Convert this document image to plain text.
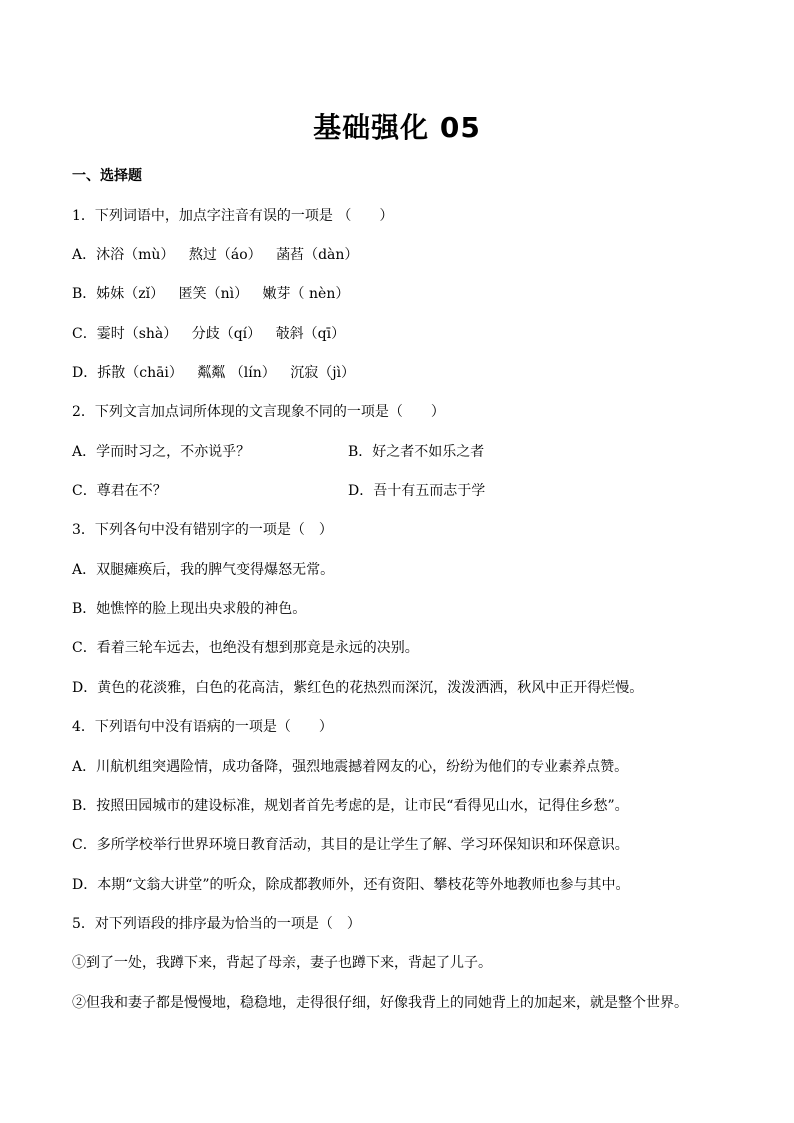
基础强化 05
一、选择题
1．下列词语中，加点字注音有误的一项是 （　　）
A．沐浴（mù） 熬过（áo） 菡萏（dàn）
B．姊妹（zǐ） 匿笑（nì） 嫩芽（ nèn）
C．霎时（shà） 分歧（qí） 攲斜（qī）
D．拆散（chāi） 粼粼 （lín） 沉寂（jì）
2．下列文言加点词所体现的文言现象不同的一项是（　　）
A．学而时习之，不亦说乎？	B．好之者不如乐之者
C．尊君在不？	D．吾十有五而志于学
3．下列各句中没有错别字的一项是（　）
A．双腿瘫痪后，我的脾气变得爆怒无常。
B．她憔悴的脸上现出央求般的神色。
C．看着三轮车远去，也绝没有想到那竟是永远的决别。
D．黄色的花淡雅，白色的花高洁，紫红色的花热烈而深沉，泼泼洒洒，秋风中正开得烂慢。
4．下列语句中没有语病的一项是（　　）
A．川航机组突遇险情，成功备降，强烈地震撼着网友的心，纷纷为他们的专业素养点赞。
B．按照田园城市的建设标准，规划者首先考虑的是，让市民“看得见山水，记得住乡愁”。
C．多所学校举行世界环境日教育活动，其目的是让学生了解、学习环保知识和环保意识。
D．本期“文翁大讲堂”的听众，除成都教师外，还有资阳、攀枝花等外地教师也参与其中。
5．对下列语段的排序最为恰当的一项是（　）
①到了一处，我蹲下来，背起了母亲，妻子也蹲下来，背起了儿子。
②但我和妻子都是慢慢地，稳稳地，走得很仔细，好像我背上的同她背上的加起来，就是整个世界。
